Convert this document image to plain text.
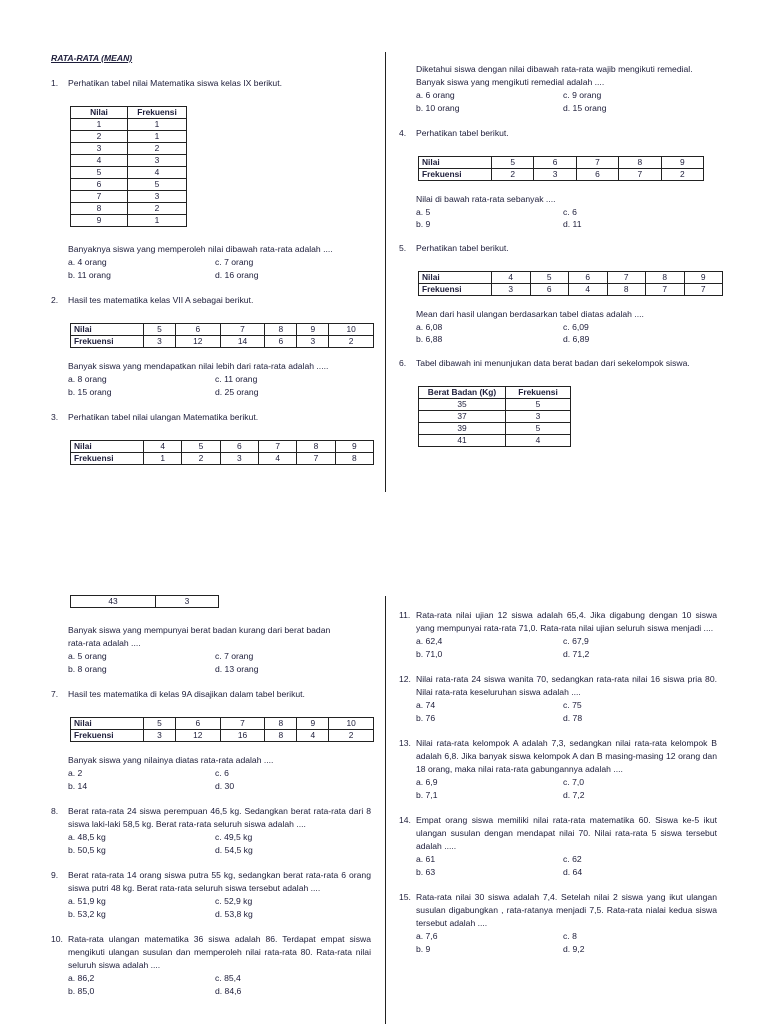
RATA-RATA (MEAN)
1.	Perhatikan tabel nilai Matematika siswa kelas IX berikut.
Nilai	Frekuensi
1	1
2	1
3	2
4	3
5	4
6	5
7	3
8	2
9	1
Banyaknya siswa yang memperoleh nilai dibawah rata-rata adalah ....
a. 4 orang	c. 7 orang
b. 11 orang	d. 16 orang
2.	Hasil tes matematika kelas VII A sebagai berikut.
Nilai	5	6	7	8	9	10
Frekuensi	3	12	14	6	3	2
Banyak siswa yang mendapatkan nilai lebih dari rata-rata adalah .....
a. 8 orang	c. 11 orang
b. 15 orang	d. 25 orang
3.	Perhatikan tabel nilai ulangan Matematika berikut.
Nilai	4	5	6	7	8	9
Frekuensi	1	2	3	4	7	8
Diketahui siswa dengan nilai dibawah rata-rata wajib mengikuti remedial.
Banyak siswa yang mengikuti remedial adalah ....
a. 6 orang	c. 9 orang
b. 10 orang	d. 15 orang
4.	Perhatikan tabel berikut.
Nilai	5	6	7	8	9
Frekuensi	2	3	6	7	2
Nilai di bawah rata-rata sebanyak ....
a. 5	c. 6
b. 9	d. 11
5.	Perhatikan tabel berikut.
Nilai	4	5	6	7	8	9
Frekuensi	3	6	4	8	7	7
Mean dari hasil ulangan berdasarkan tabel diatas adalah ....
a. 6,08	c. 6,09
b. 6,88	d. 6,89
6.	Tabel dibawah ini menunjukan data berat badan dari sekelompok siswa.
Berat Badan (Kg)	Frekuensi
35	5
37	3
39	5
41	4
43	3
Banyak siswa yang mempunyai berat badan kurang dari berat badan
rata-rata adalah ....
a. 5 orang	c. 7 orang
b. 8 orang	d. 13 orang
7.	Hasil tes matematika di kelas 9A disajikan dalam tabel berikut.
Nilai	5	6	7	8	9	10
Frekuensi	3	12	16	8	4	2
Banyak siswa yang nilainya diatas rata-rata adalah ....
a. 2	c. 6
b. 14	d. 30
8.	Berat rata-rata 24 siswa perempuan 46,5 kg. Sedangkan berat rata-rata dari 8 siswa laki-laki 58,5 kg. Berat rata-rata seluruh siswa adalah ....
a. 48,5 kg	c. 49,5 kg
b. 50,5 kg	d. 54,5 kg
9.	Berat rata-rata 14 orang siswa putra 55 kg, sedangkan berat rata-rata 6 orang siswa putri 48 kg. Berat rata-rata seluruh siswa tersebut adalah ....
a. 51,9 kg	c. 52,9 kg
b. 53,2 kg	d. 53,8 kg
10. Rata-rata ulangan matematika 36 siswa adalah 86. Terdapat empat siswa mengikuti ulangan susulan dan memperoleh nilai rata-rata 80. Rata-rata nilai seluruh siswa adalah ....
a. 86,2	c. 85,4
b. 85,0	d. 84,6
11. Rata-rata nilai ujian 12 siswa adalah 65,4. Jika digabung dengan 10 siswa yang mempunyai rata-rata 71,0. Rata-rata nilai ujian seluruh siswa menjadi ....
a. 62,4	c. 67,9
b. 71,0	d. 71,2
12. Nilai rata-rata 24 siswa wanita 70, sedangkan rata-rata nilai 16 siswa pria 80. Nilai rata-rata keseluruhan siswa adalah ....
a. 74	c. 75
b. 76	d. 78
13. Nilai rata-rata kelompok A adalah 7,3, sedangkan nilai rata-rata kelompok B adalah 6,8. Jika banyak siswa kelompok A dan B masing-masing 12 orang dan 18 orang, maka nilai rata-rata gabungannya adalah ....
a. 6,9	c. 7,0
b. 7,1	d. 7,2
14. Empat orang siswa memiliki nilai rata-rata matematika 60. Siswa ke-5 ikut ulangan susulan dengan mendapat nilai 70. Nilai rata-rata 5 siswa tersebut adalah .....
a. 61	c. 62
b. 63	d. 64
15. Rata-rata nilai 30 siswa adalah 7,4. Setelah nilai 2 siswa yang ikut ulangan susulan digabungkan , rata-ratanya menjadi 7,5. Rata-rata nialai kedua siswa tersebut adalah ....
a. 7,6	c. 8
b. 9	d. 9,2
